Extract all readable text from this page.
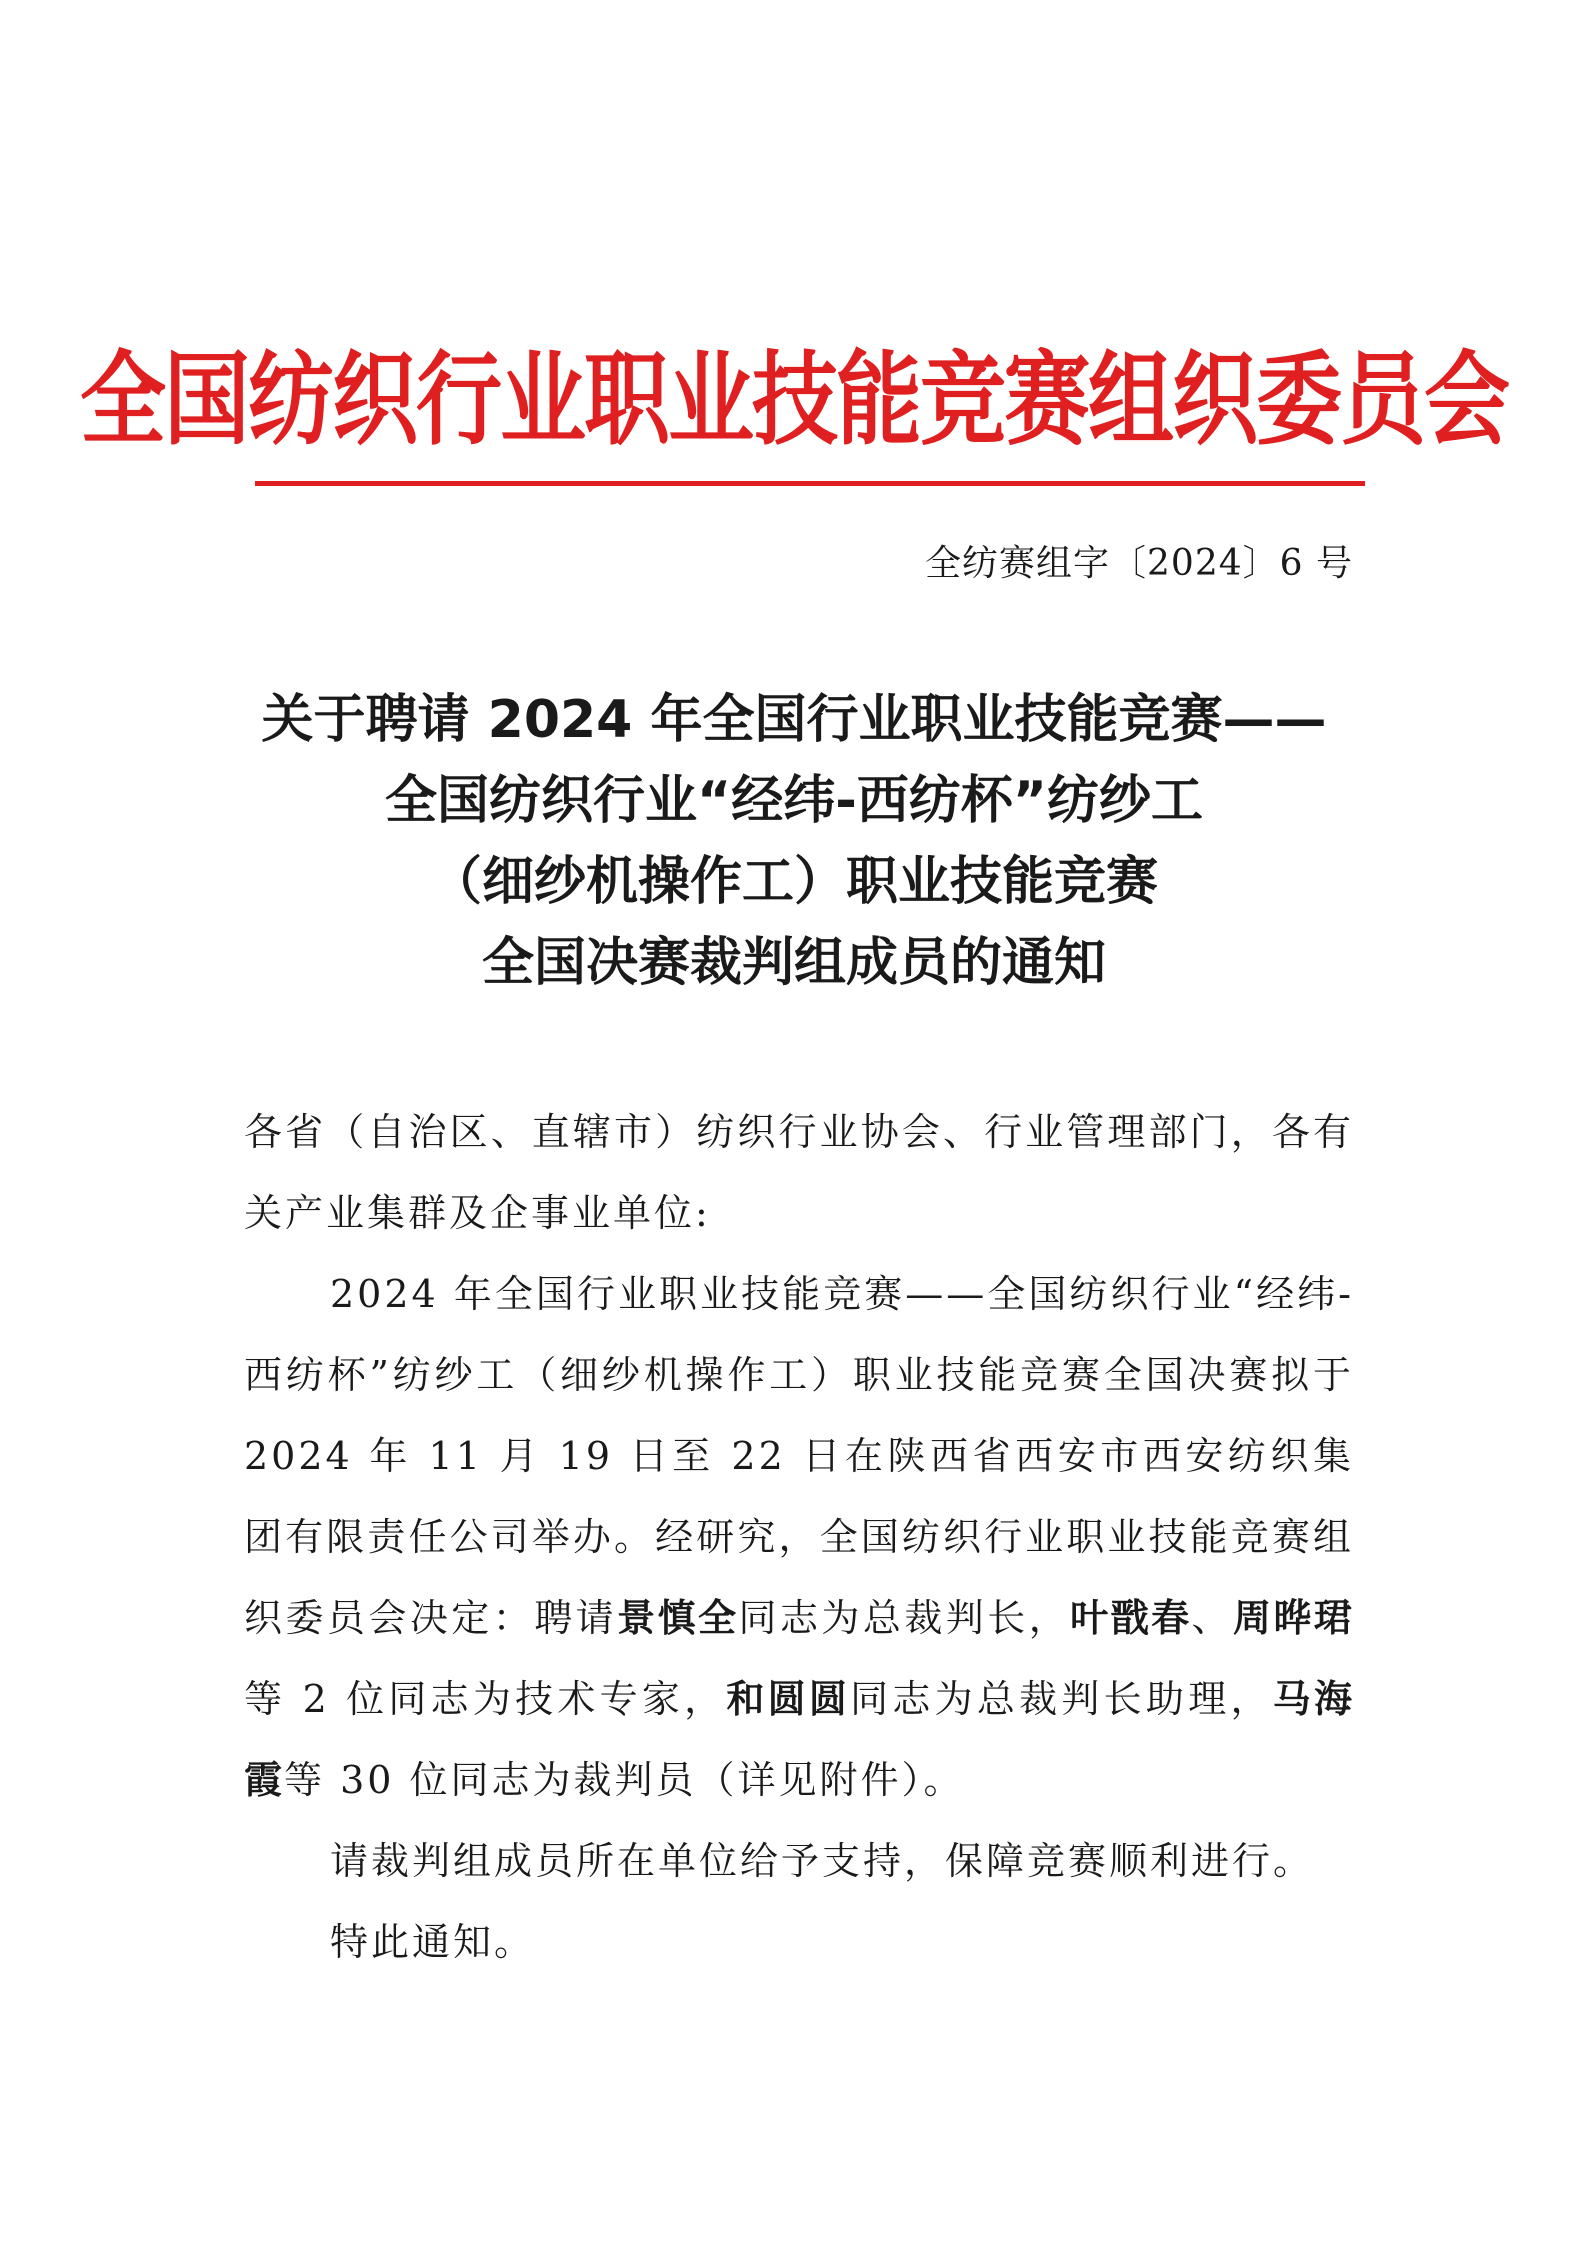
全国纺织行业职业技能竞赛组织委员会
全纺赛组字〔2024〕6 号
关于聘请 2024 年全国行业职业技能竞赛——
全国纺织行业“经纬-西纺杯”纺纱工
（细纱机操作工）职业技能竞赛
全国决赛裁判组成员的通知

各省（自治区、直辖市）纺织行业协会、行业管理部门，各有关产业集群及企事业单位:

2024 年全国行业职业技能竞赛——全国纺织行业“经纬-西纺杯”纺纱工（细纱机操作工）职业技能竞赛全国决赛拟于 2024 年 11 月 19 日至 22 日在陕西省西安市西安纺织集团有限责任公司举办。经研究，全国纺织行业职业技能竞赛组织委员会决定：聘请景慎全同志为总裁判长，叶戬春、周晔珺等 2 位同志为技术专家，和圆圆同志为总裁判长助理，马海霞等 30 位同志为裁判员（详见附件）。

请裁判组成员所在单位给予支持，保障竞赛顺利进行。

特此通知。
